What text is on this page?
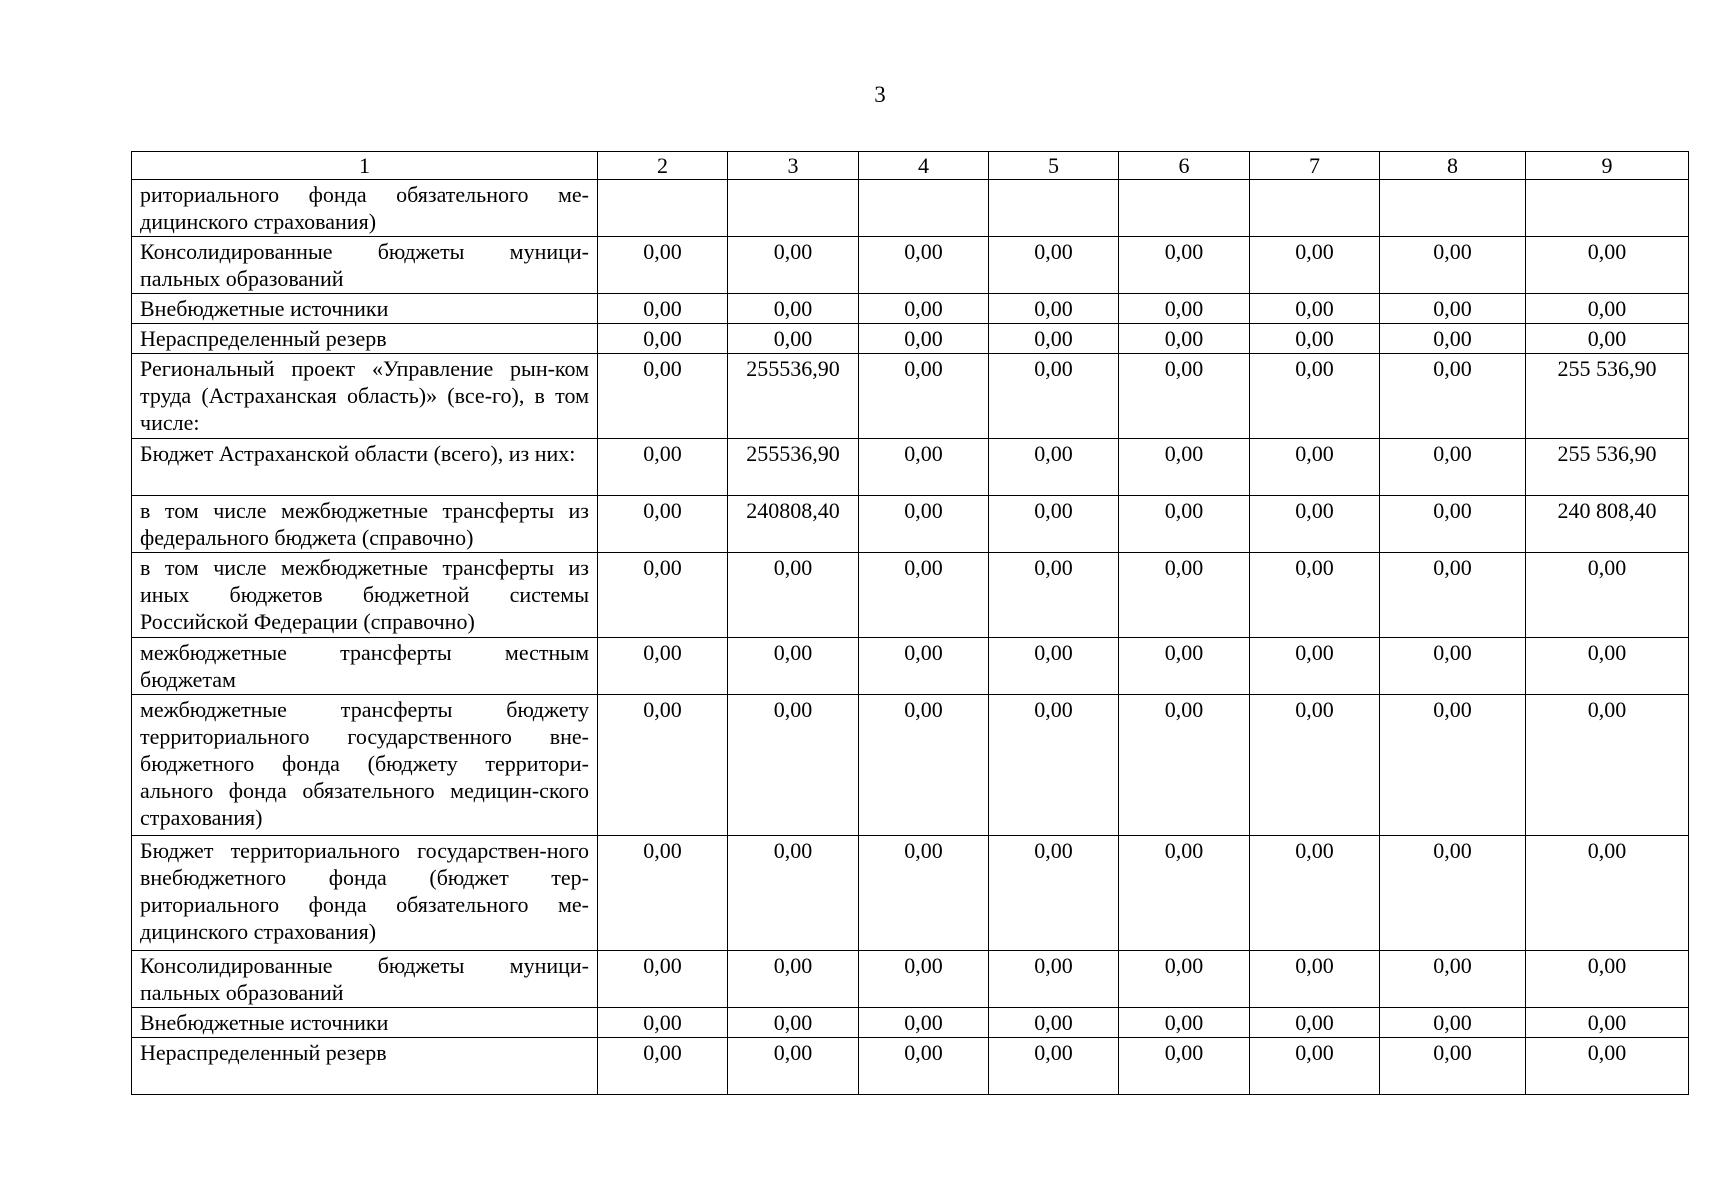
3
1	2	3	4	5	6	7	8	9
риториального фонда обязательного ме-дицинского страхования)								
Консолидированные бюджеты муници-пальных образований	0,00	0,00	0,00	0,00	0,00	0,00	0,00	0,00
Внебюджетные источники	0,00	0,00	0,00	0,00	0,00	0,00	0,00	0,00
Нераспределенный резерв	0,00	0,00	0,00	0,00	0,00	0,00	0,00	0,00
Региональный проект «Управление рын-ком труда (Астраханская область)» (все-го), в том числе:	0,00	255536,90	0,00	0,00	0,00	0,00	0,00	255 536,90
Бюджет Астраханской области (всего), из них:	0,00	255536,90	0,00	0,00	0,00	0,00	0,00	255 536,90
в том числе межбюджетные трансферты из федерального бюджета (справочно)	0,00	240808,40	0,00	0,00	0,00	0,00	0,00	240 808,40
в том числе межбюджетные трансферты из иных бюджетов бюджетной системы Российской Федерации (справочно)	0,00	0,00	0,00	0,00	0,00	0,00	0,00	0,00
межбюджетные трансферты местным бюджетам	0,00	0,00	0,00	0,00	0,00	0,00	0,00	0,00
межбюджетные трансферты бюджету территориального государственного вне-бюджетного фонда (бюджету территори-ального фонда обязательного медицин-ского страхования)	0,00	0,00	0,00	0,00	0,00	0,00	0,00	0,00
Бюджет территориального государствен-ного внебюджетного фонда (бюджет тер-риториального фонда обязательного ме-дицинского страхования)	0,00	0,00	0,00	0,00	0,00	0,00	0,00	0,00
Консолидированные бюджеты муници-пальных образований	0,00	0,00	0,00	0,00	0,00	0,00	0,00	0,00
Внебюджетные источники	0,00	0,00	0,00	0,00	0,00	0,00	0,00	0,00
Нераспределенный резерв	0,00	0,00	0,00	0,00	0,00	0,00	0,00	0,00
